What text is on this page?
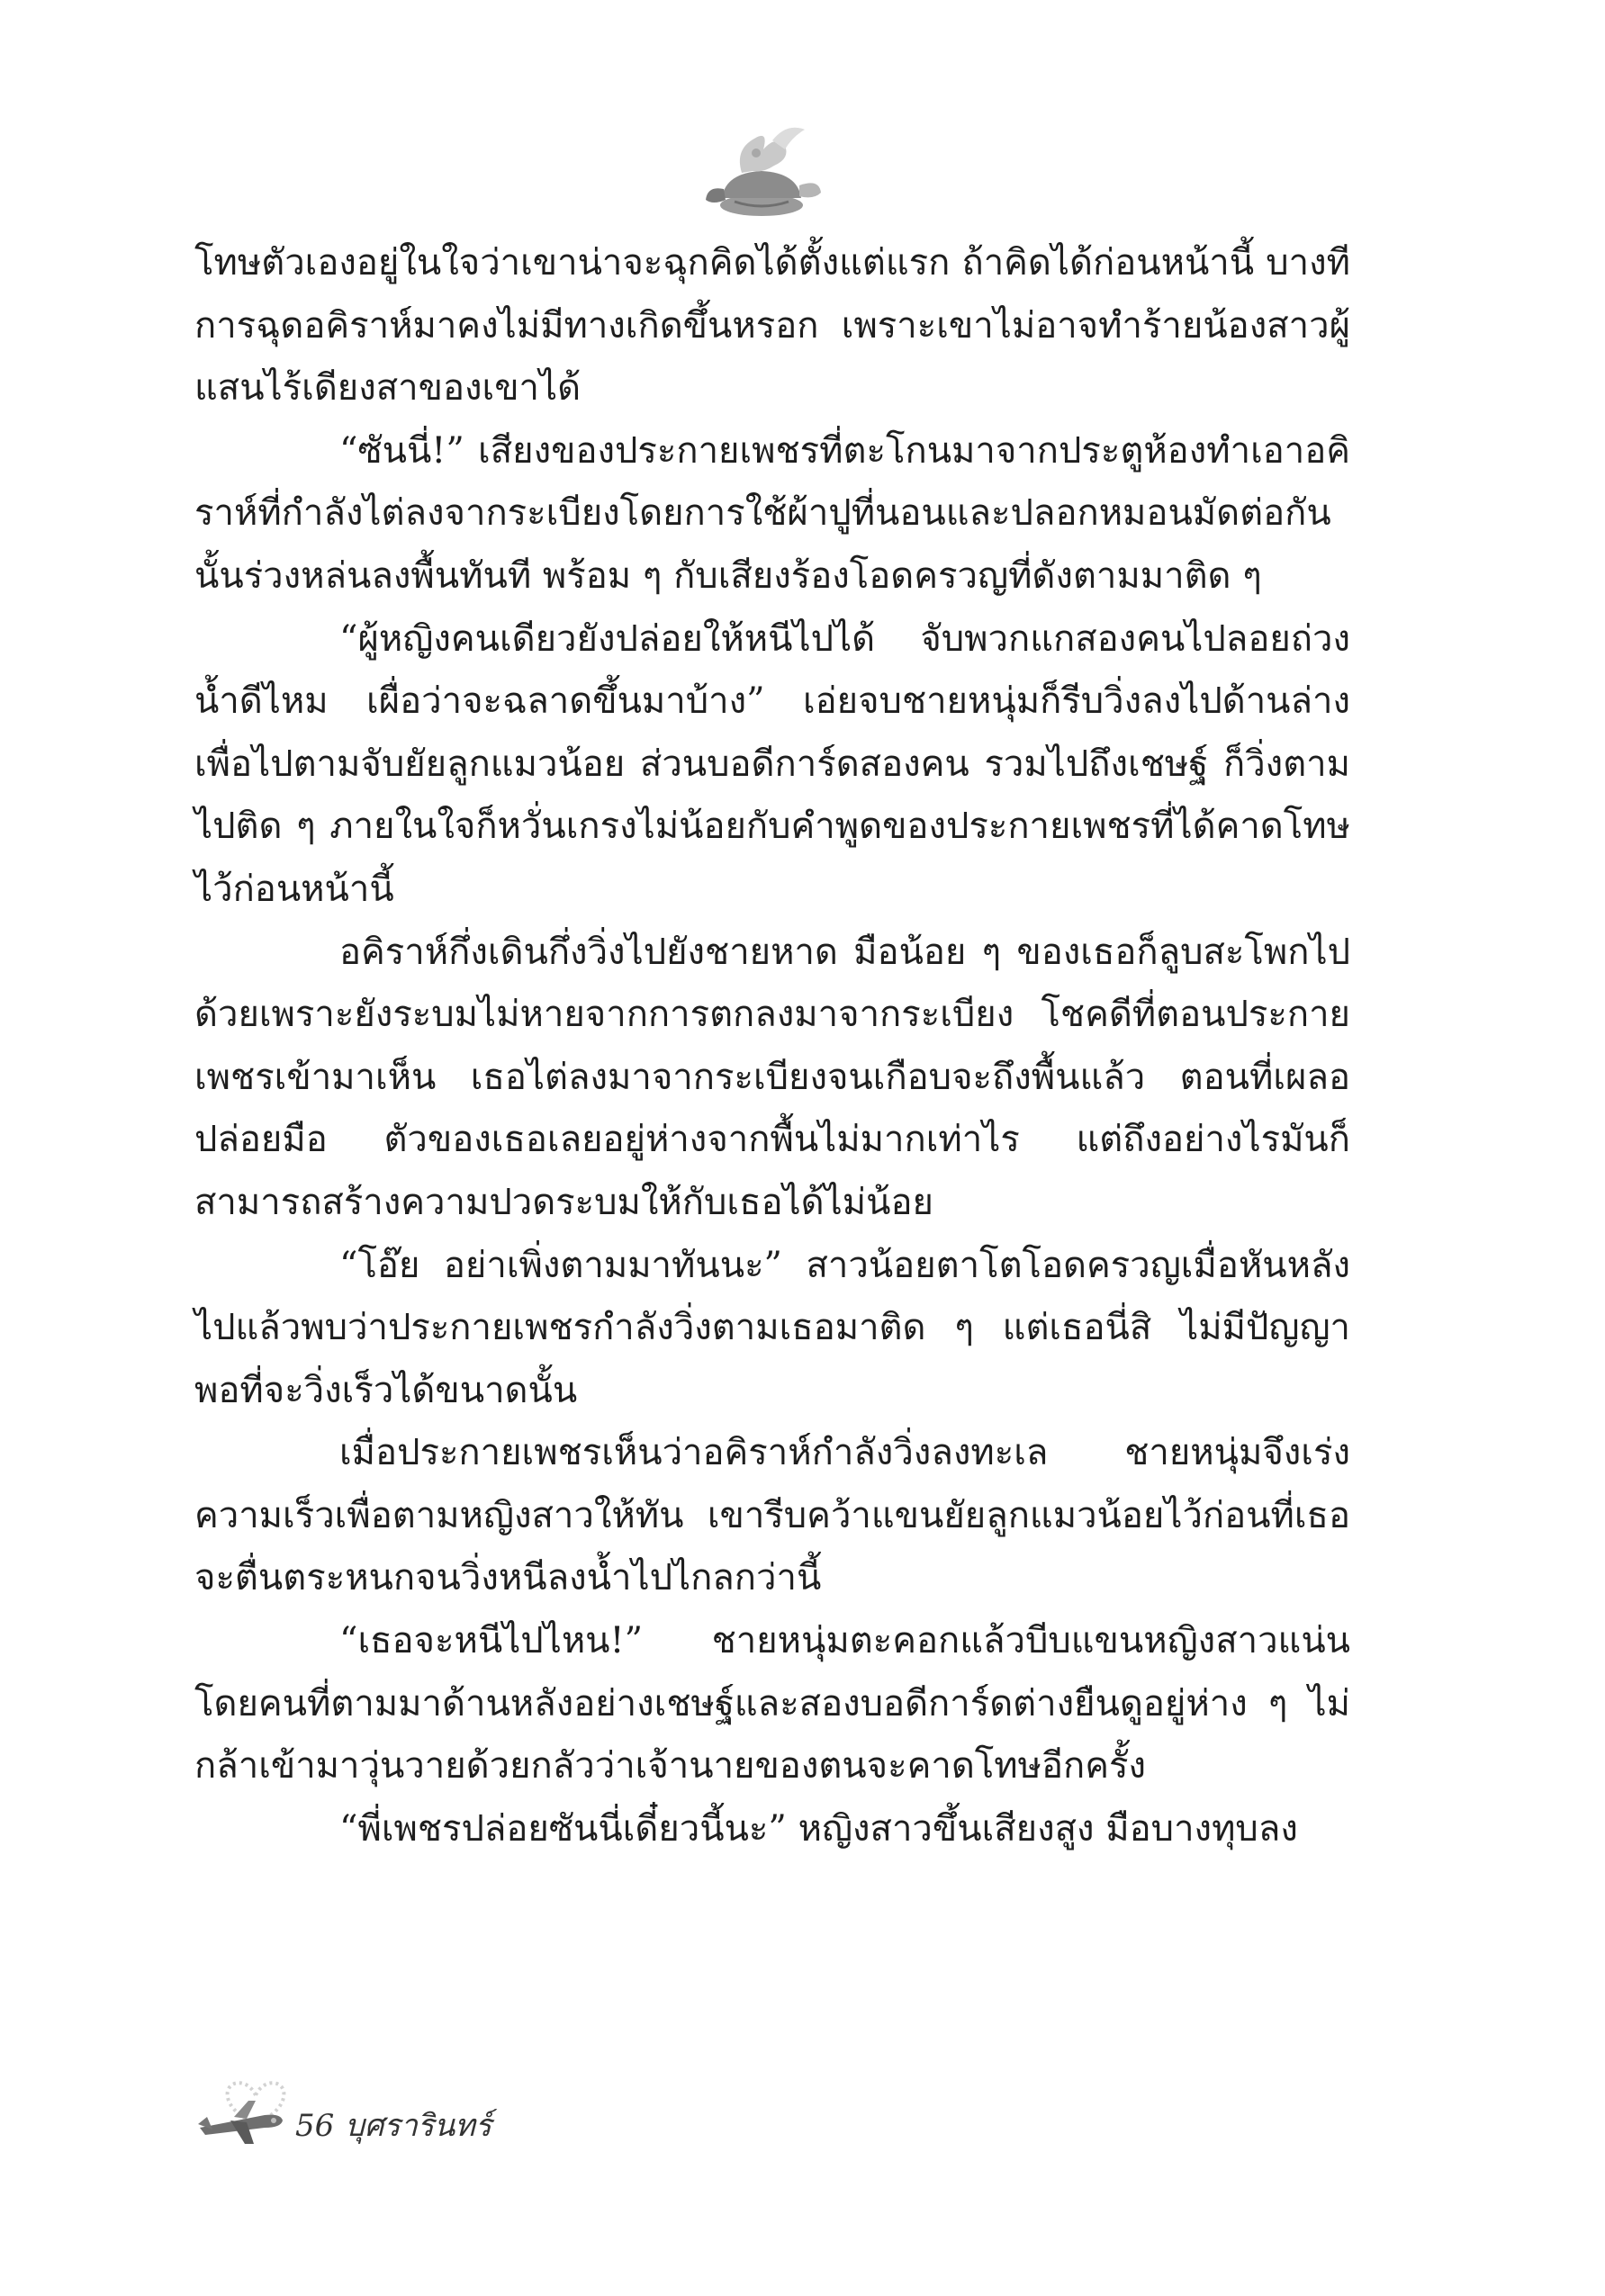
โทษตัวเองอยู่ในใจว่าเขาน่าจะฉุกคิดได้ตั้งแต่แรก ถ้าคิดได้ก่อนหน้านี้ บางทีการฉุดอคิราห์มาคงไม่มีทางเกิดขึ้นหรอก เพราะเขาไม่อาจทำร้ายน้องสาวผู้แสนไร้เดียงสาของเขาได้

“ซันนี่!” เสียงของประกายเพชรที่ตะโกนมาจากประตูห้องทำเอาอคิราห์ที่กำลังไต่ลงจากระเบียงโดยการใช้ผ้าปูที่นอนและปลอกหมอนมัดต่อกันนั้นร่วงหล่นลงพื้นทันที พร้อม ๆ กับเสียงร้องโอดครวญที่ดังตามมาติด ๆ

“ผู้หญิงคนเดียวยังปล่อยให้หนีไปได้ จับพวกแกสองคนไปลอยถ่วงน้ำดีไหม เผื่อว่าจะฉลาดขึ้นมาบ้าง” เอ่ยจบชายหนุ่มก็รีบวิ่งลงไปด้านล่างเพื่อไปตามจับยัยลูกแมวน้อย ส่วนบอดีการ์ดสองคน รวมไปถึงเชษฐ์ ก็วิ่งตามไปติด ๆ ภายในใจก็หวั่นเกรงไม่น้อยกับคำพูดของประกายเพชรที่ได้คาดโทษไว้ก่อนหน้านี้

อคิราห์กึ่งเดินกึ่งวิ่งไปยังชายหาด มือน้อย ๆ ของเธอก็ลูบสะโพกไปด้วยเพราะยังระบมไม่หายจากการตกลงมาจากระเบียง โชคดีที่ตอนประกายเพชรเข้ามาเห็น เธอไต่ลงมาจากระเบียงจนเกือบจะถึงพื้นแล้ว ตอนที่เผลอปล่อยมือ ตัวของเธอเลยอยู่ห่างจากพื้นไม่มากเท่าไร แต่ถึงอย่างไรมันก็สามารถสร้างความปวดระบมให้กับเธอได้ไม่น้อย

“โอ๊ย อย่าเพิ่งตามมาทันนะ” สาวน้อยตาโตโอดครวญเมื่อหันหลังไปแล้วพบว่าประกายเพชรกำลังวิ่งตามเธอมาติด ๆ แต่เธอนี่สิ ไม่มีปัญญาพอที่จะวิ่งเร็วได้ขนาดนั้น

เมื่อประกายเพชรเห็นว่าอคิราห์กำลังวิ่งลงทะเล ชายหนุ่มจึงเร่งความเร็วเพื่อตามหญิงสาวให้ทัน เขารีบคว้าแขนยัยลูกแมวน้อยไว้ก่อนที่เธอจะตื่นตระหนกจนวิ่งหนีลงน้ำไปไกลกว่านี้

“เธอจะหนีไปไหน!” ชายหนุ่มตะคอกแล้วบีบแขนหญิงสาวแน่นโดยคนที่ตามมาด้านหลังอย่างเชษฐ์และสองบอดีการ์ดต่างยืนดูอยู่ห่าง ๆ ไม่กล้าเข้ามาวุ่นวายด้วยกลัวว่าเจ้านายของตนจะคาดโทษอีกครั้ง

“พี่เพชรปล่อยซันนี่เดี๋ยวนี้นะ” หญิงสาวขึ้นเสียงสูง มือบางทุบลง

56 บุศรารินทร์
